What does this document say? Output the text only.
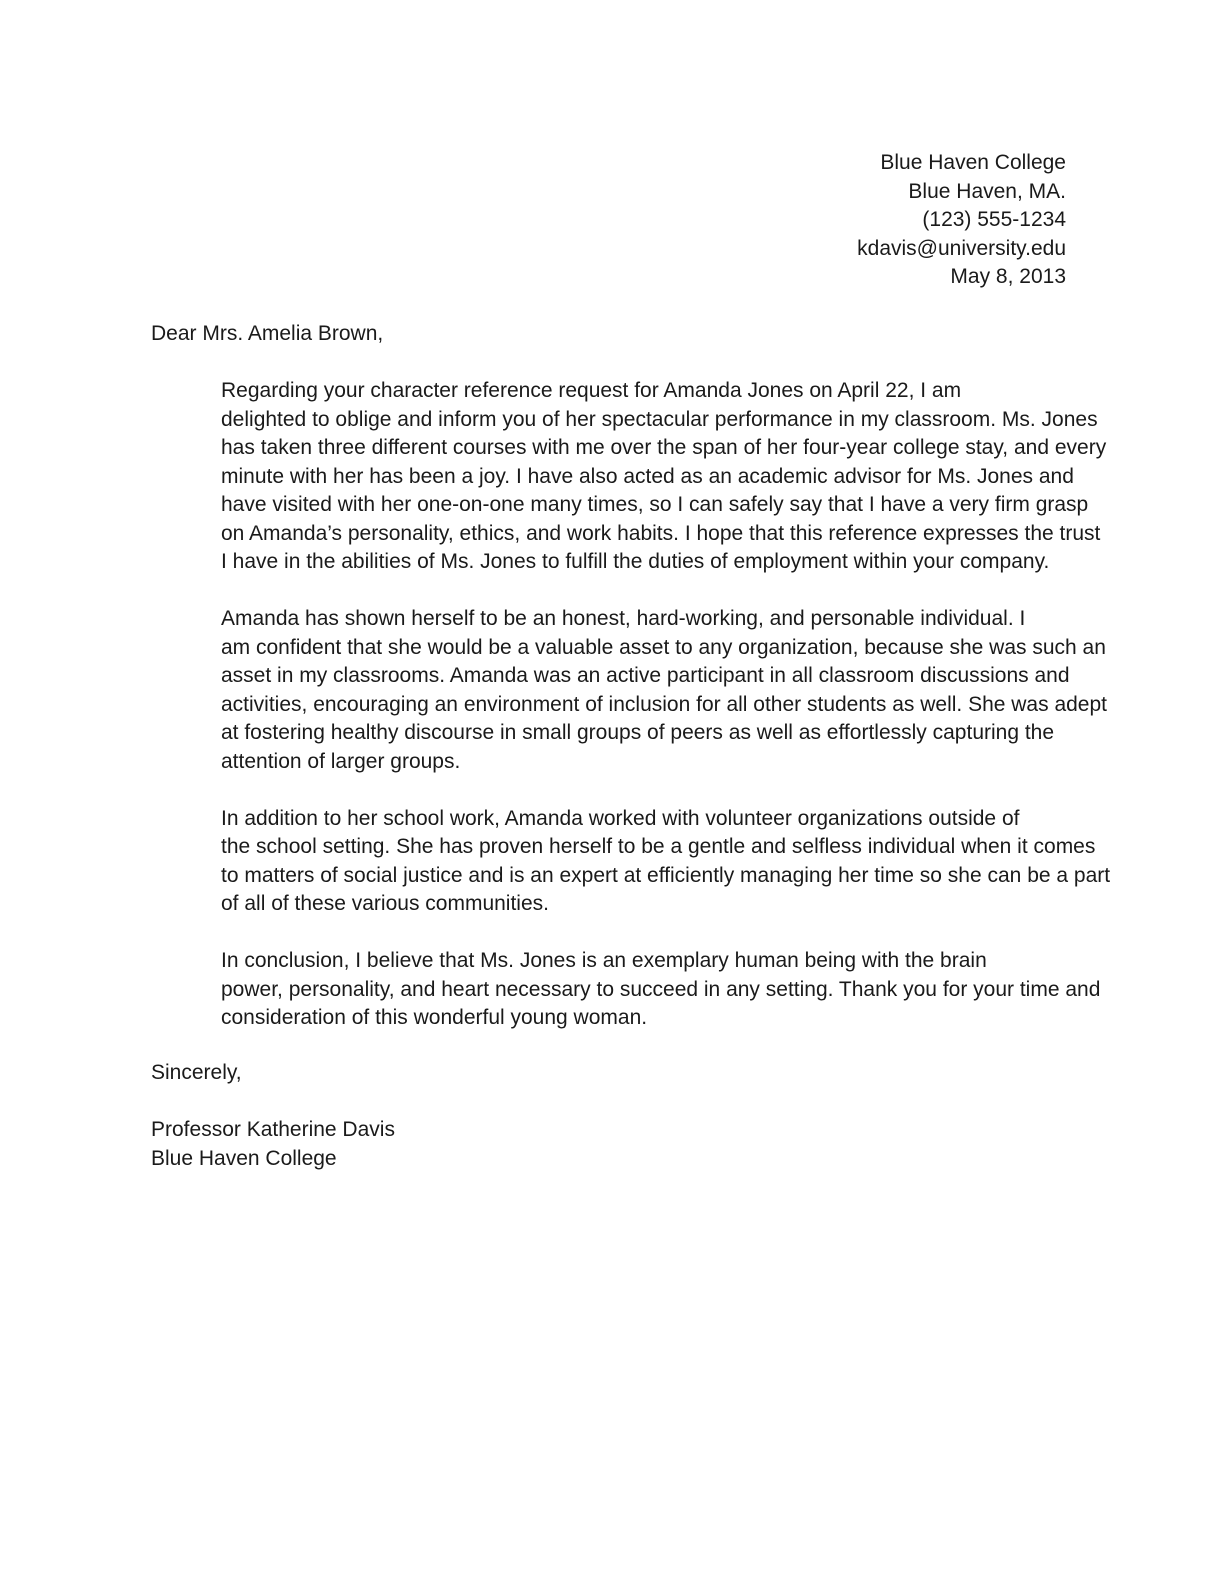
Blue Haven College
Blue Haven, MA.
(123) 555-1234
kdavis@university.edu
May 8, 2013
Dear Mrs. Amelia Brown,

Regarding your character reference request for Amanda Jones on April 22, I am
delighted to oblige and inform you of her spectacular performance in my classroom. Ms. Jones
has taken three different courses with me over the span of her four-year college stay, and every
minute with her has been a joy. I have also acted as an academic advisor for Ms. Jones and
have visited with her one-on-one many times, so I can safely say that I have a very firm grasp
on Amanda’s personality, ethics, and work habits. I hope that this reference expresses the trust
I have in the abilities of Ms. Jones to fulfill the duties of employment within your company.

Amanda has shown herself to be an honest, hard-working, and personable individual. I
am confident that she would be a valuable asset to any organization, because she was such an
asset in my classrooms. Amanda was an active participant in all classroom discussions and
activities, encouraging an environment of inclusion for all other students as well. She was adept
at fostering healthy discourse in small groups of peers as well as effortlessly capturing the
attention of larger groups.

In addition to her school work, Amanda worked with volunteer organizations outside of
the school setting. She has proven herself to be a gentle and selfless individual when it comes
to matters of social justice and is an expert at efficiently managing her time so she can be a part
of all of these various communities.

In conclusion, I believe that Ms. Jones is an exemplary human being with the brain
power, personality, and heart necessary to succeed in any setting. Thank you for your time and
consideration of this wonderful young woman.

Sincerely,
Professor Katherine Davis
Blue Haven College
